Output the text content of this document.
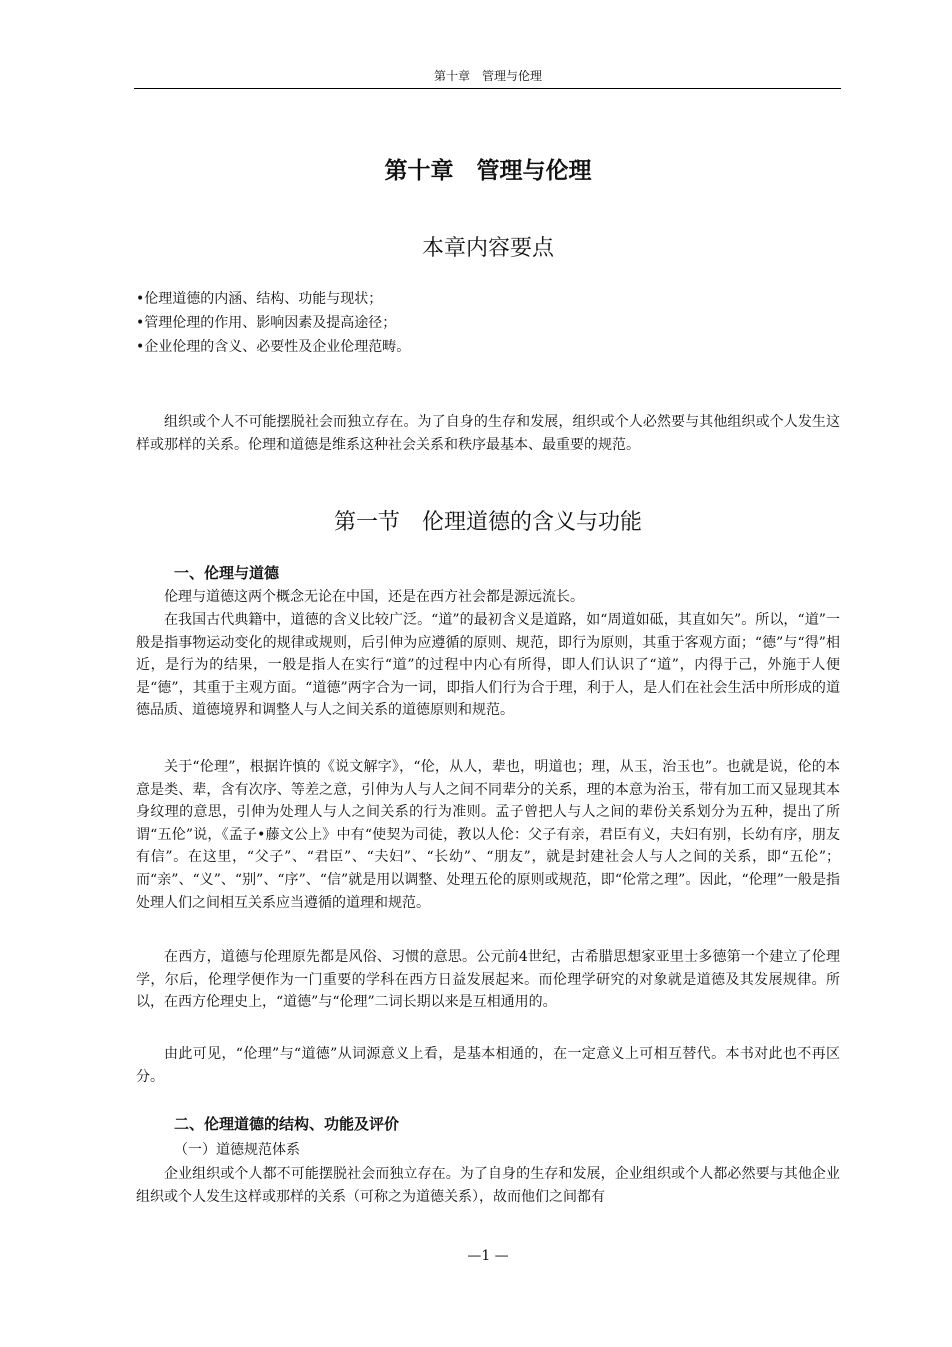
第十章　管理与伦理
第十章　管理与伦理
本章内容要点
•伦理道德的内涵、结构、功能与现状；
•管理伦理的作用、影响因素及提高途径；
•企业伦理的含义、必要性及企业伦理范畴。

组织或个人不可能摆脱社会而独立存在。为了自身的生存和发展，组织或个人必然要与其他组织或个人发生这样或那样的关系。伦理和道德是维系这种社会关系和秩序最基本、最重要的规范。

第一节　伦理道德的含义与功能
一、伦理与道德

伦理与道德这两个概念无论在中国，还是在西方社会都是源远流长。

在我国古代典籍中，道德的含义比较广泛。“道”的最初含义是道路，如“周道如砥，其直如矢”。所以，“道”一般是指事物运动变化的规律或规则，后引伸为应遵循的原则、规范，即行为原则，其重于客观方面；“德”与“得”相近，是行为的结果，一般是指人在实行“道”的过程中内心有所得，即人们认识了“道”，内得于己，外施于人便是“德”，其重于主观方面。“道德”两字合为一词，即指人们行为合于理，利于人，是人们在社会生活中所形成的道德品质、道德境界和调整人与人之间关系的道德原则和规范。

关于“伦理”，根据许慎的《说文解字》，“伦，从人，辈也，明道也；理，从玉，治玉也”。也就是说，伦的本意是类、辈，含有次序、等差之意，引伸为人与人之间不同辈分的关系，理的本意为治玉，带有加工而又显现其本身纹理的意思，引伸为处理人与人之间关系的行为准则。孟子曾把人与人之间的辈份关系划分为五种，提出了所谓“五伦”说，《孟子•藤文公上》中有“使契为司徒，教以人伦：父子有亲，君臣有义，夫妇有别，长幼有序，朋友有信”。在这里，“父子”、“君臣”、“夫妇”、“长幼”、“朋友”，就是封建社会人与人之间的关系，即“五伦”；而“亲”、“义”、“别”、“序”、“信”就是用以调整、处理五伦的原则或规范，即“伦常之理”。因此，“伦理”一般是指处理人们之间相互关系应当遵循的道理和规范。

在西方，道德与伦理原先都是风俗、习惯的意思。公元前4世纪，古希腊思想家亚里士多德第一个建立了伦理学，尔后，伦理学便作为一门重要的学科在西方日益发展起来。而伦理学研究的对象就是道德及其发展规律。所以，在西方伦理史上，“道德”与“伦理”二词长期以来是互相通用的。

由此可见，“伦理”与“道德”从词源意义上看，是基本相通的，在一定意义上可相互替代。本书对此也不再区分。

二、伦理道德的结构、功能及评价
（一）道德规范体系

企业组织或个人都不可能摆脱社会而独立存在。为了自身的生存和发展，企业组织或个人都必然要与其他企业组织或个人发生这样或那样的关系（可称之为道德关系），故而他们之间都有

—1 —
